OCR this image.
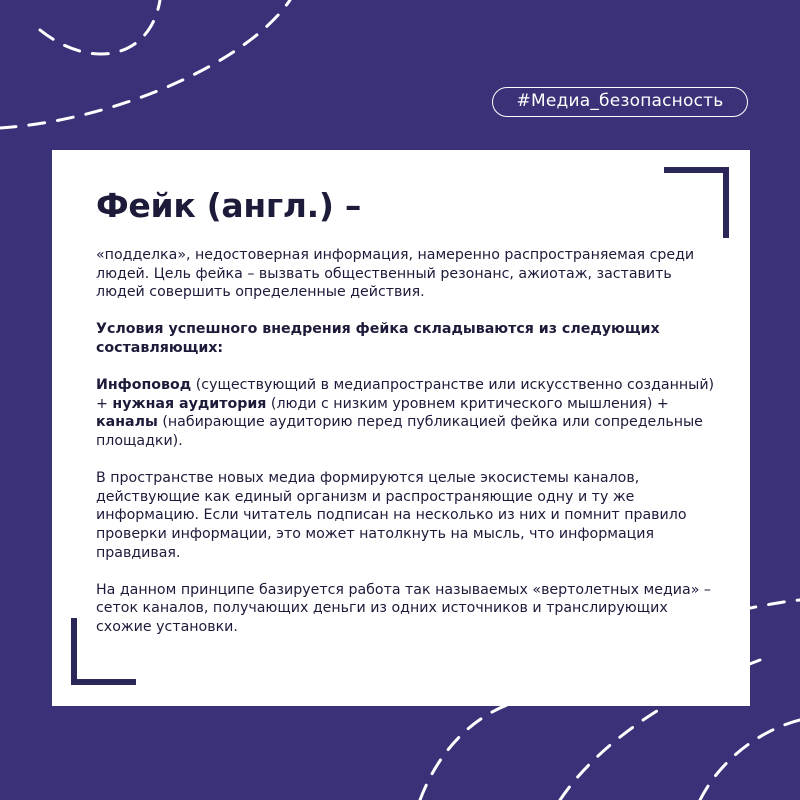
#Медиа_безопасность
Фейк (англ.) –

«подделка», недостоверная информация, намеренно распространяемая среди людей. Цель фейка – вызвать общественный резонанс, ажиотаж, заставить людей совершить определенные действия.

Условия успешного внедрения фейка складываются из следующих составляющих:

Инфоповод (существующий в медиапространстве или искусственно созданный) + нужная аудитория (люди с низким уровнем критического мышления) + каналы (набирающие аудиторию перед публикацией фейка или сопредельные площадки).

В пространстве новых медиа формируются целые экосистемы каналов, действующие как единый организм и распространяющие одну и ту же информацию. Если читатель подписан на несколько из них и помнит правило проверки информации, это может натолкнуть на мысль, что информация правдивая.

На данном принципе базируется работа так называемых «вертолетных медиа» – сеток каналов, получающих деньги из одних источников и транслирующих схожие установки.
